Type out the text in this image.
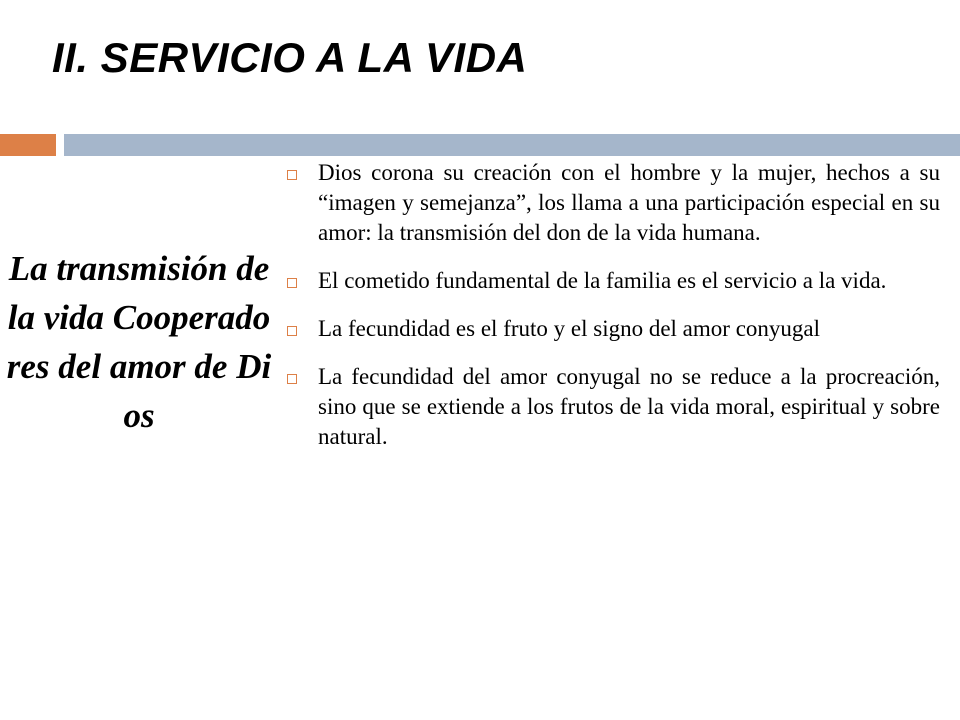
II. SERVICIO A LA VIDA
La transmisión de la vida Cooperadores del amor de Dios
Dios corona su creación con el hombre y la mujer, hechos a su “imagen y semejanza”, los llama a una participación especial en su amor: la transmisión del don de la vida humana.
El cometido fundamental de la familia es el servicio a la vida.
La fecundidad es el fruto y el signo del amor conyugal
La fecundidad del amor conyugal no se reduce a la procreación, sino que se extiende a los frutos de la vida moral, espiritual y sobre natural.
